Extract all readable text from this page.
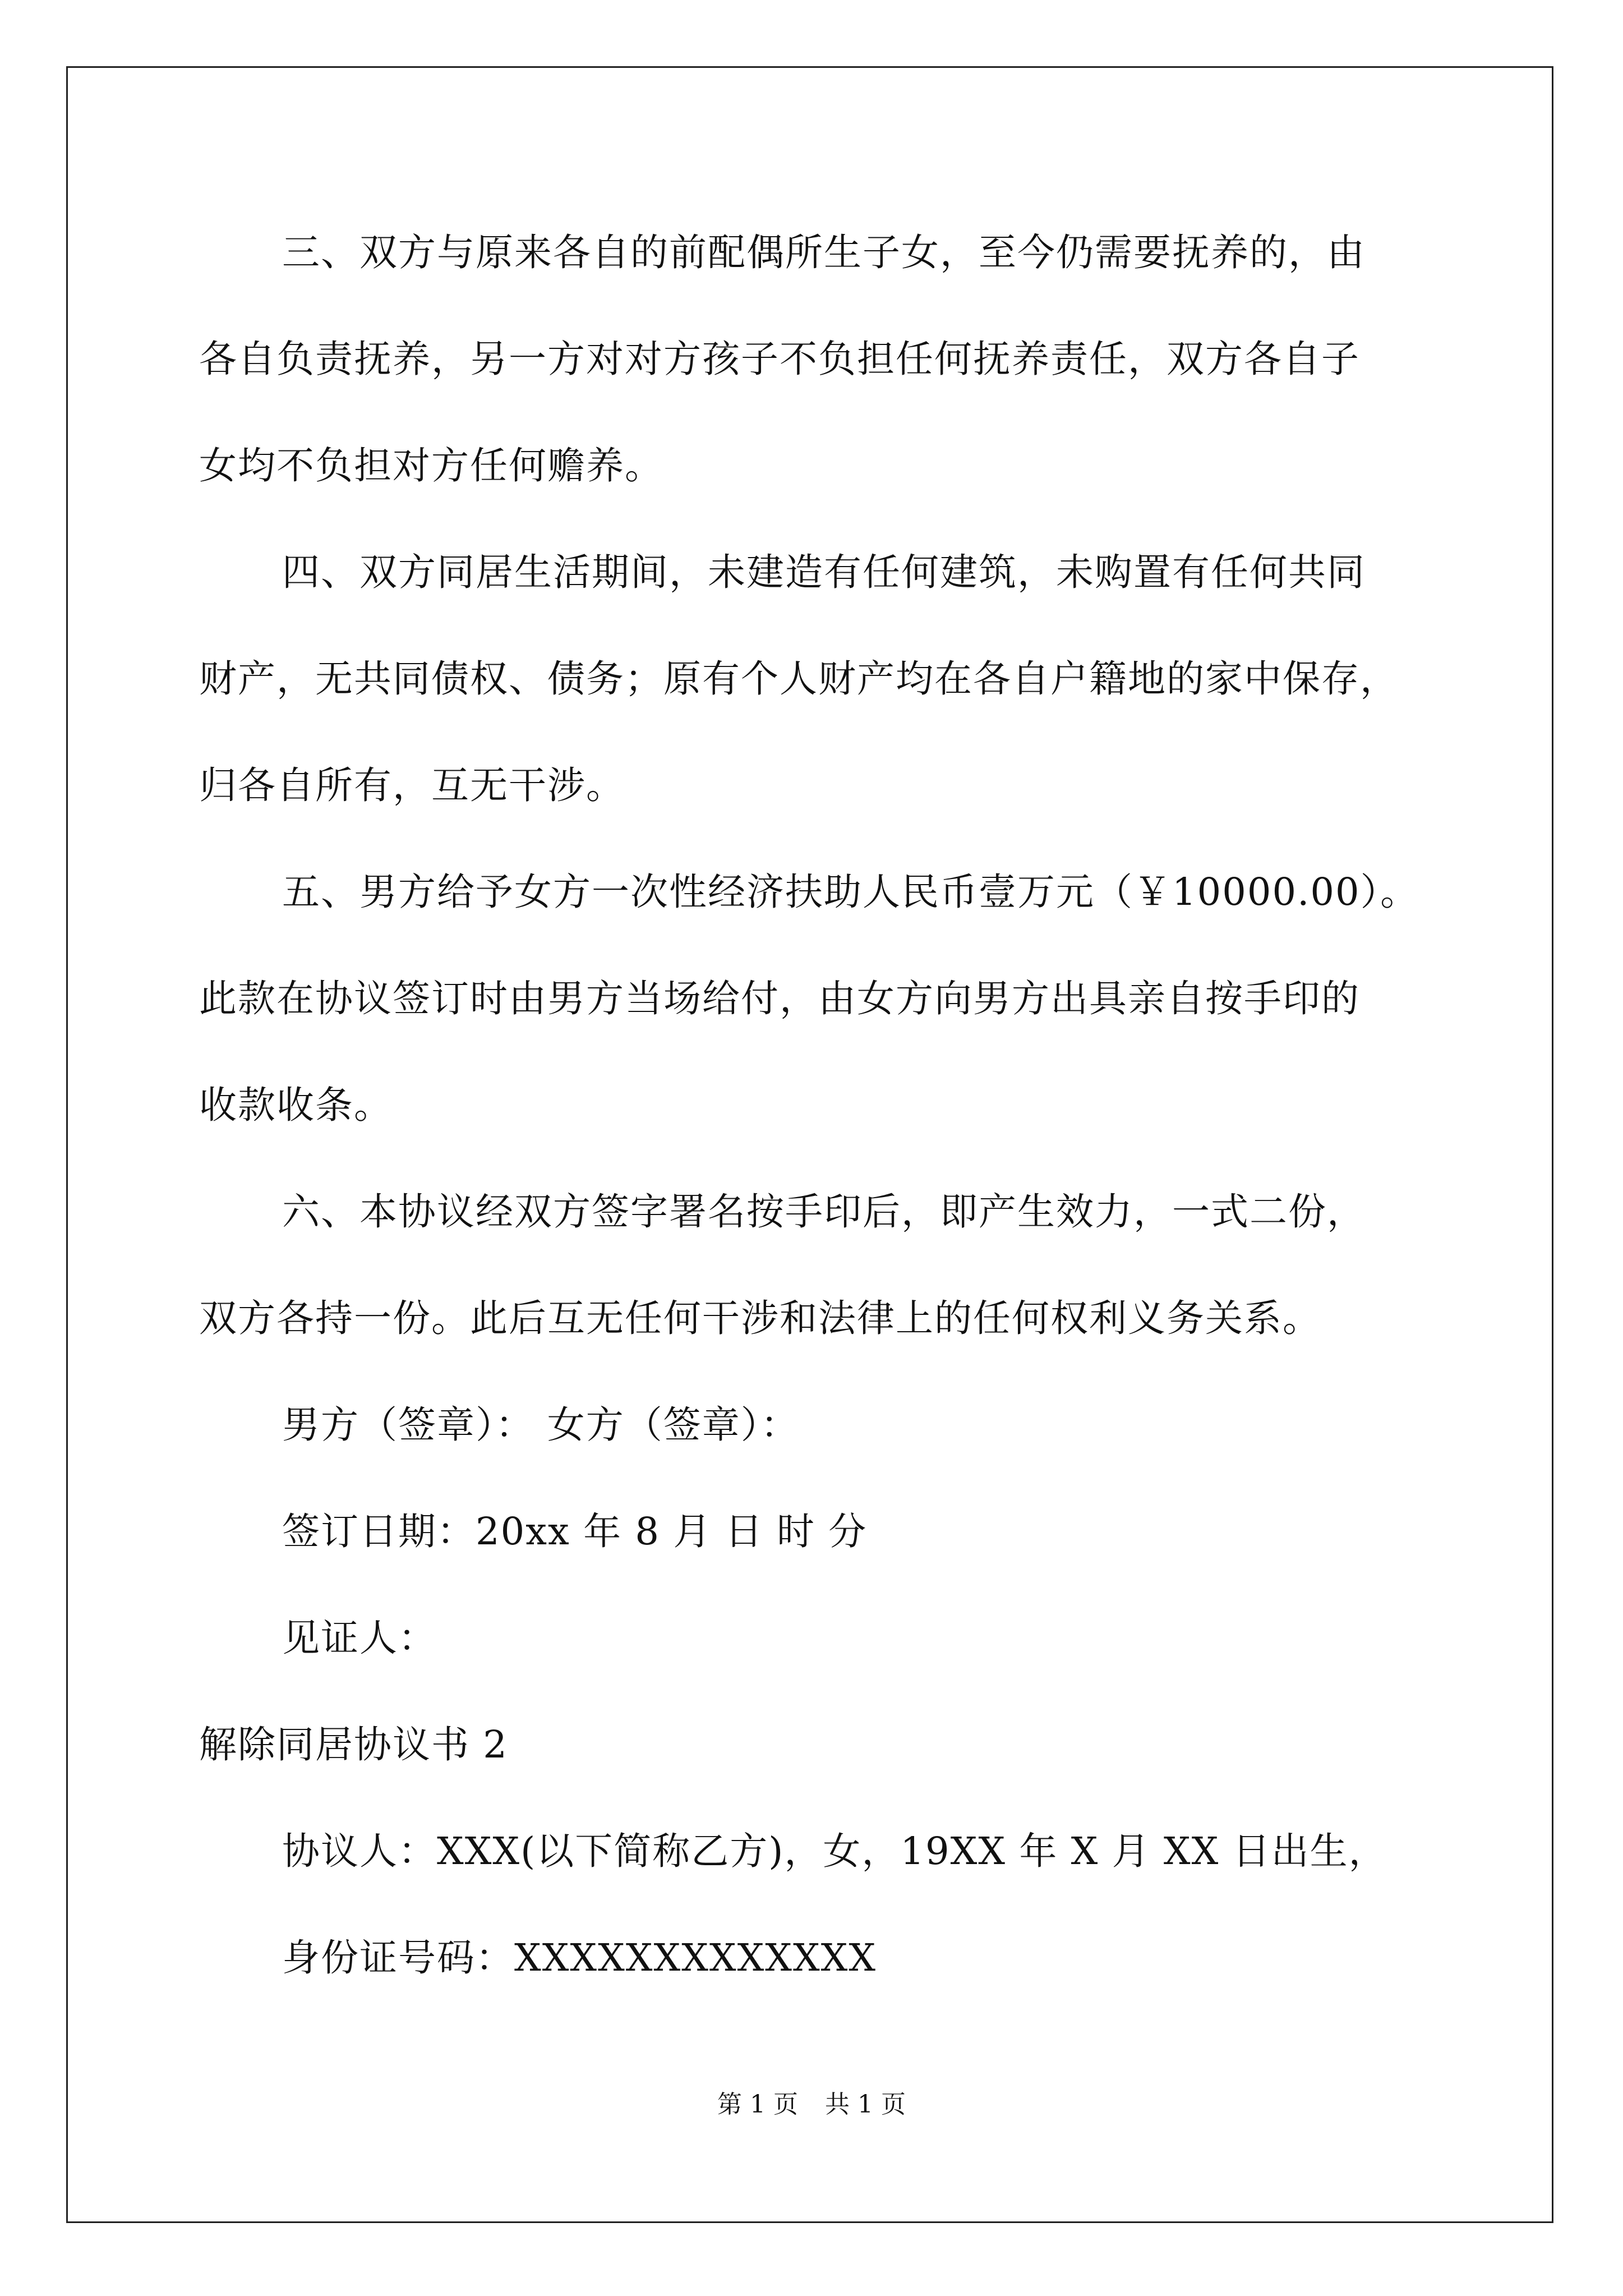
三、双方与原来各自的前配偶所生子女，至今仍需要抚养的，由
各自负责抚养，另一方对对方孩子不负担任何抚养责任，双方各自子
女均不负担对方任何赡养。
四、双方同居生活期间，未建造有任何建筑，未购置有任何共同
财产，无共同债权、债务；原有个人财产均在各自户籍地的家中保存，
归各自所有，互无干涉。
五、男方给予女方一次性经济扶助人民币壹万元（￥10000.00）。
此款在协议签订时由男方当场给付，由女方向男方出具亲自按手印的
收款收条。
六、本协议经双方签字署名按手印后，即产生效力，一式二份，
双方各持一份。此后互无任何干涉和法律上的任何权利义务关系。
男方（签章）： 女方（签章）：
签订日期：20xx 年 8 月 日 时 分
见证人：
解除同居协议书 2
协议人：XXX(以下简称乙方)，女，19XX 年 X 月 XX 日出生，
身份证号码：XXXXXXXXXXXXX
第 1 页 共 1 页
